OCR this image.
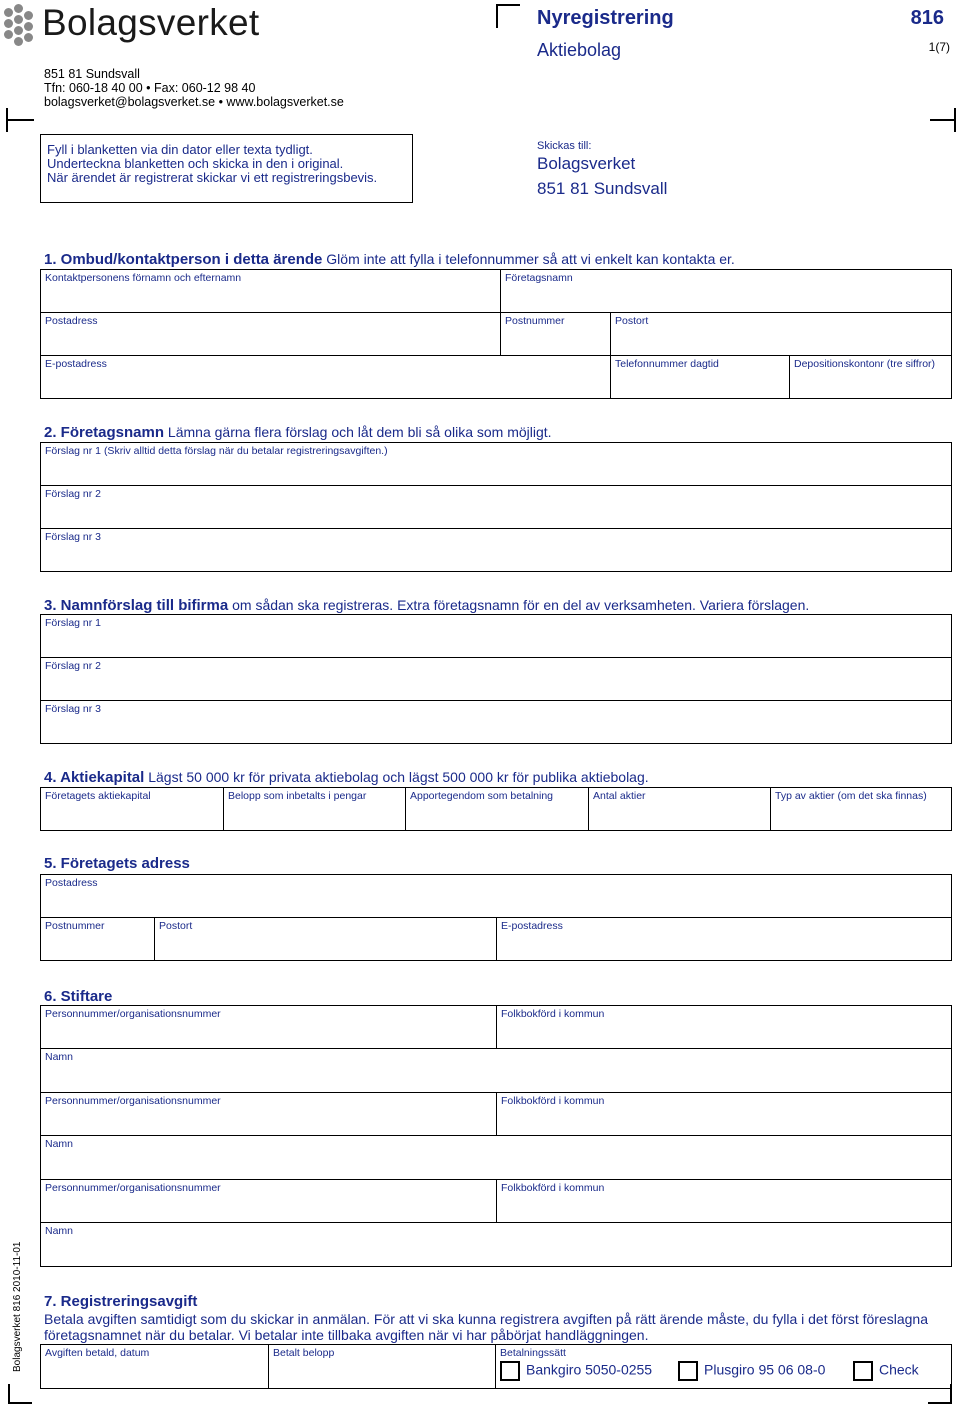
Bolagsverket
851 81 Sundsvall
Tfn: 060-18 40 00 • Fax: 060-12 98 40
bolagsverket@bolagsverket.se • www.bolagsverket.se
Nyregistrering
Aktiebolag
816
1(7)
Fyll i blanketten via din dator eller texta tydligt.
Underteckna blanketten och skicka in den i original.
När ärendet är registrerat skickar vi ett registreringsbevis.
Skickas till:
Bolagsverket
851 81 Sundsvall
1. Ombud/kontaktperson i detta ärende Glöm inte att fylla i telefonnummer så att vi enkelt kan kontakta er.
Kontaktpersonens förnamn och efternamn	Företagsnamn
Postadress	Postnummer	Postort
E-postadress	Telefonnummer dagtid	Depositionskontonr (tre siffror)
2. Företagsnamn Lämna gärna flera förslag och låt dem bli så olika som möjligt.
Förslag nr 1 (Skriv alltid detta förslag när du betalar registreringsavgiften.)
Förslag nr 2
Förslag nr 3
3. Namnförslag till bifirma om sådan ska registreras. Extra företagsnamn för en del av verksamheten. Variera förslagen.
Förslag nr 1
Förslag nr 2
Förslag nr 3
4. Aktiekapital Lägst 50 000 kr för privata aktiebolag och lägst 500 000 kr för publika aktiebolag.
Företagets aktiekapital	Belopp som inbetalts i pengar	Apportegendom som betalning	Antal aktier	Typ av aktier (om det ska finnas)
5. Företagets adress
Postadress
Postnummer	Postort	E-postadress
6. Stiftare
Personnummer/organisationsnummer	Folkbokförd i kommun
Namn
Personnummer/organisationsnummer	Folkbokförd i kommun
Namn
Personnummer/organisationsnummer	Folkbokförd i kommun
Namn
Bolagsverket 816 2010-11-01 7. Registreringsavgift
Betala avgiften samtidigt som du skickar in anmälan. För att vi ska kunna registrera avgiften på rätt ärende måste, du fylla i det först föreslagna
företagsnamnet när du betalar. Vi betalar inte tillbaka avgiften när vi har påbörjat handläggningen.
Avgiften betald, datum	Betalt belopp	Betalningssätt
Bankgiro 5050-0255	Plusgiro 95 06 08-0	Check
